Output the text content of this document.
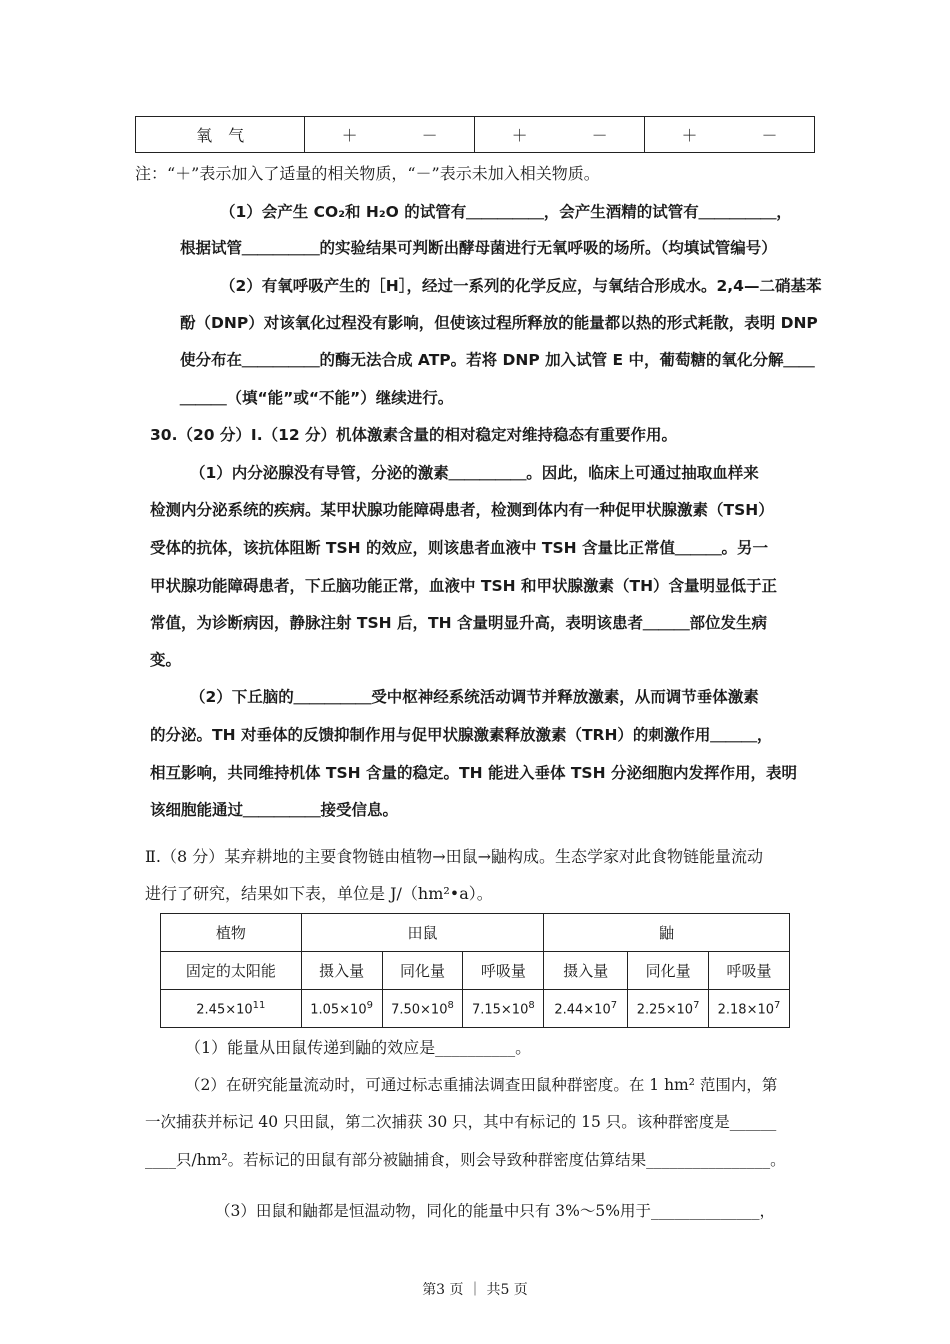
氧　气	＋　　　　－	＋　　　　－	＋　　　　－
注：“＋”表示加入了适量的相关物质，“－”表示未加入相关物质。
（1）会产生 CO₂和 H₂O 的试管有＿＿＿＿＿，会产生酒精的试管有＿＿＿＿＿，
根据试管＿＿＿＿＿的实验结果可判断出酵母菌进行无氧呼吸的场所。（均填试管编号）
（2）有氧呼吸产生的［H］，经过一系列的化学反应，与氧结合形成水。2,4—二硝基苯
酚（DNP）对该氧化过程没有影响，但使该过程所释放的能量都以热的形式耗散，表明 DNP
使分布在＿＿＿＿＿的酶无法合成 ATP。若将 DNP 加入试管 E 中，葡萄糖的氧化分解＿＿
＿＿＿（填“能”或“不能”）继续进行。
30.（20 分）Ⅰ.（12 分）机体激素含量的相对稳定对维持稳态有重要作用。
（1）内分泌腺没有导管，分泌的激素＿＿＿＿＿。因此，临床上可通过抽取血样来
检测内分泌系统的疾病。某甲状腺功能障碍患者，检测到体内有一种促甲状腺激素（TSH）
受体的抗体，该抗体阻断 TSH 的效应，则该患者血液中 TSH 含量比正常值＿＿＿。另一
甲状腺功能障碍患者，下丘脑功能正常，血液中 TSH 和甲状腺激素（TH）含量明显低于正
常值，为诊断病因，静脉注射 TSH 后，TH 含量明显升高，表明该患者＿＿＿部位发生病
变。
（2）下丘脑的＿＿＿＿＿受中枢神经系统活动调节并释放激素，从而调节垂体激素
的分泌。TH 对垂体的反馈抑制作用与促甲状腺激素释放激素（TRH）的刺激作用＿＿＿，
相互影响，共同维持机体 TSH 含量的稳定。TH 能进入垂体 TSH 分泌细胞内发挥作用，表明
该细胞能通过＿＿＿＿＿接受信息。
Ⅱ.（8 分）某弃耕地的主要食物链由植物→田鼠→鼬构成。生态学家对此食物链能量流动
进行了研究，结果如下表，单位是 J/（hm²•a）。
植物	田鼠			鼬		
固定的太阳能	摄入量	同化量	呼吸量	摄入量	同化量	呼吸量
$2.45\times 10^{11}$	$1.05\times 10^9$	$7.50\times 10^8$	$7.15\times 10^8$	$2.44\times 10^7$	$2.25\times 10^7$	$2.18\times 10^7$
（1）能量从田鼠传递到鼬的效应是__________。
（2）在研究能量流动时，可通过标志重捕法调查田鼠种群密度。在 1 hm² 范围内，第
一次捕获并标记 40 只田鼠，第二次捕获 30 只，其中有标记的 15 只。该种群密度是______
____只/hm²。若标记的田鼠有部分被鼬捕食，则会导致种群密度估算结果________________。
（3）田鼠和鼬都是恒温动物，同化的能量中只有 3%～5%用于______________，
第3 页 ｜ 共5 页
